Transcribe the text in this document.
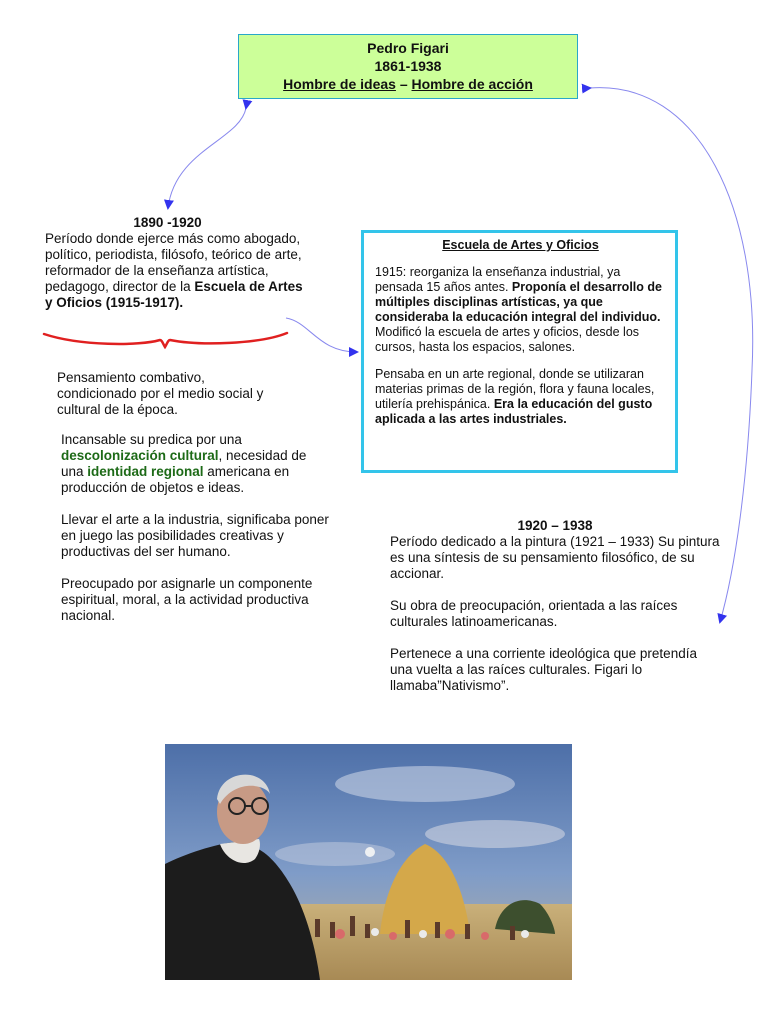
Pedro Figari
1861-1938
Hombre de ideas – Hombre de acción
1890 -1920
Período donde ejerce más como abogado, político, periodista, filósofo, teórico de arte, reformador de la enseñanza artística, pedagogo, director de la Escuela de Artes y Oficios (1915-1917).
Pensamiento combativo, condicionado por el medio social y cultural de la época.

Incansable su predica por una descolonización cultural, necesidad de una identidad regional americana en producción de objetos e ideas.

Llevar el arte a la industria, significaba poner en juego las posibilidades creativas y productivas del ser humano.

Preocupado por asignarle un componente espiritual, moral, a la actividad productiva nacional.

Escuela de Artes y Oficios

1915: reorganiza la enseñanza industrial, ya pensada 15 años antes. Proponía el desarrollo de múltiples disciplinas artísticas, ya que consideraba la educación integral del individuo. Modificó la escuela de artes y oficios, desde los cursos, hasta los espacios, salones.

Pensaba en un arte regional, donde se utilizaran materias primas de la región, flora y fauna locales, utilería prehispánica. Era la educación del gusto aplicada a las artes industriales.

1920 – 1938

Período dedicado a la pintura (1921 – 1933) Su pintura es una síntesis de su pensamiento filosófico, de su accionar.

Su obra de preocupación, orientada a las raíces culturales latinoamericanas.

Pertenece a una corriente ideológica que pretendía una vuelta a las raíces culturales. Figari lo llamaba”Nativismo”.
